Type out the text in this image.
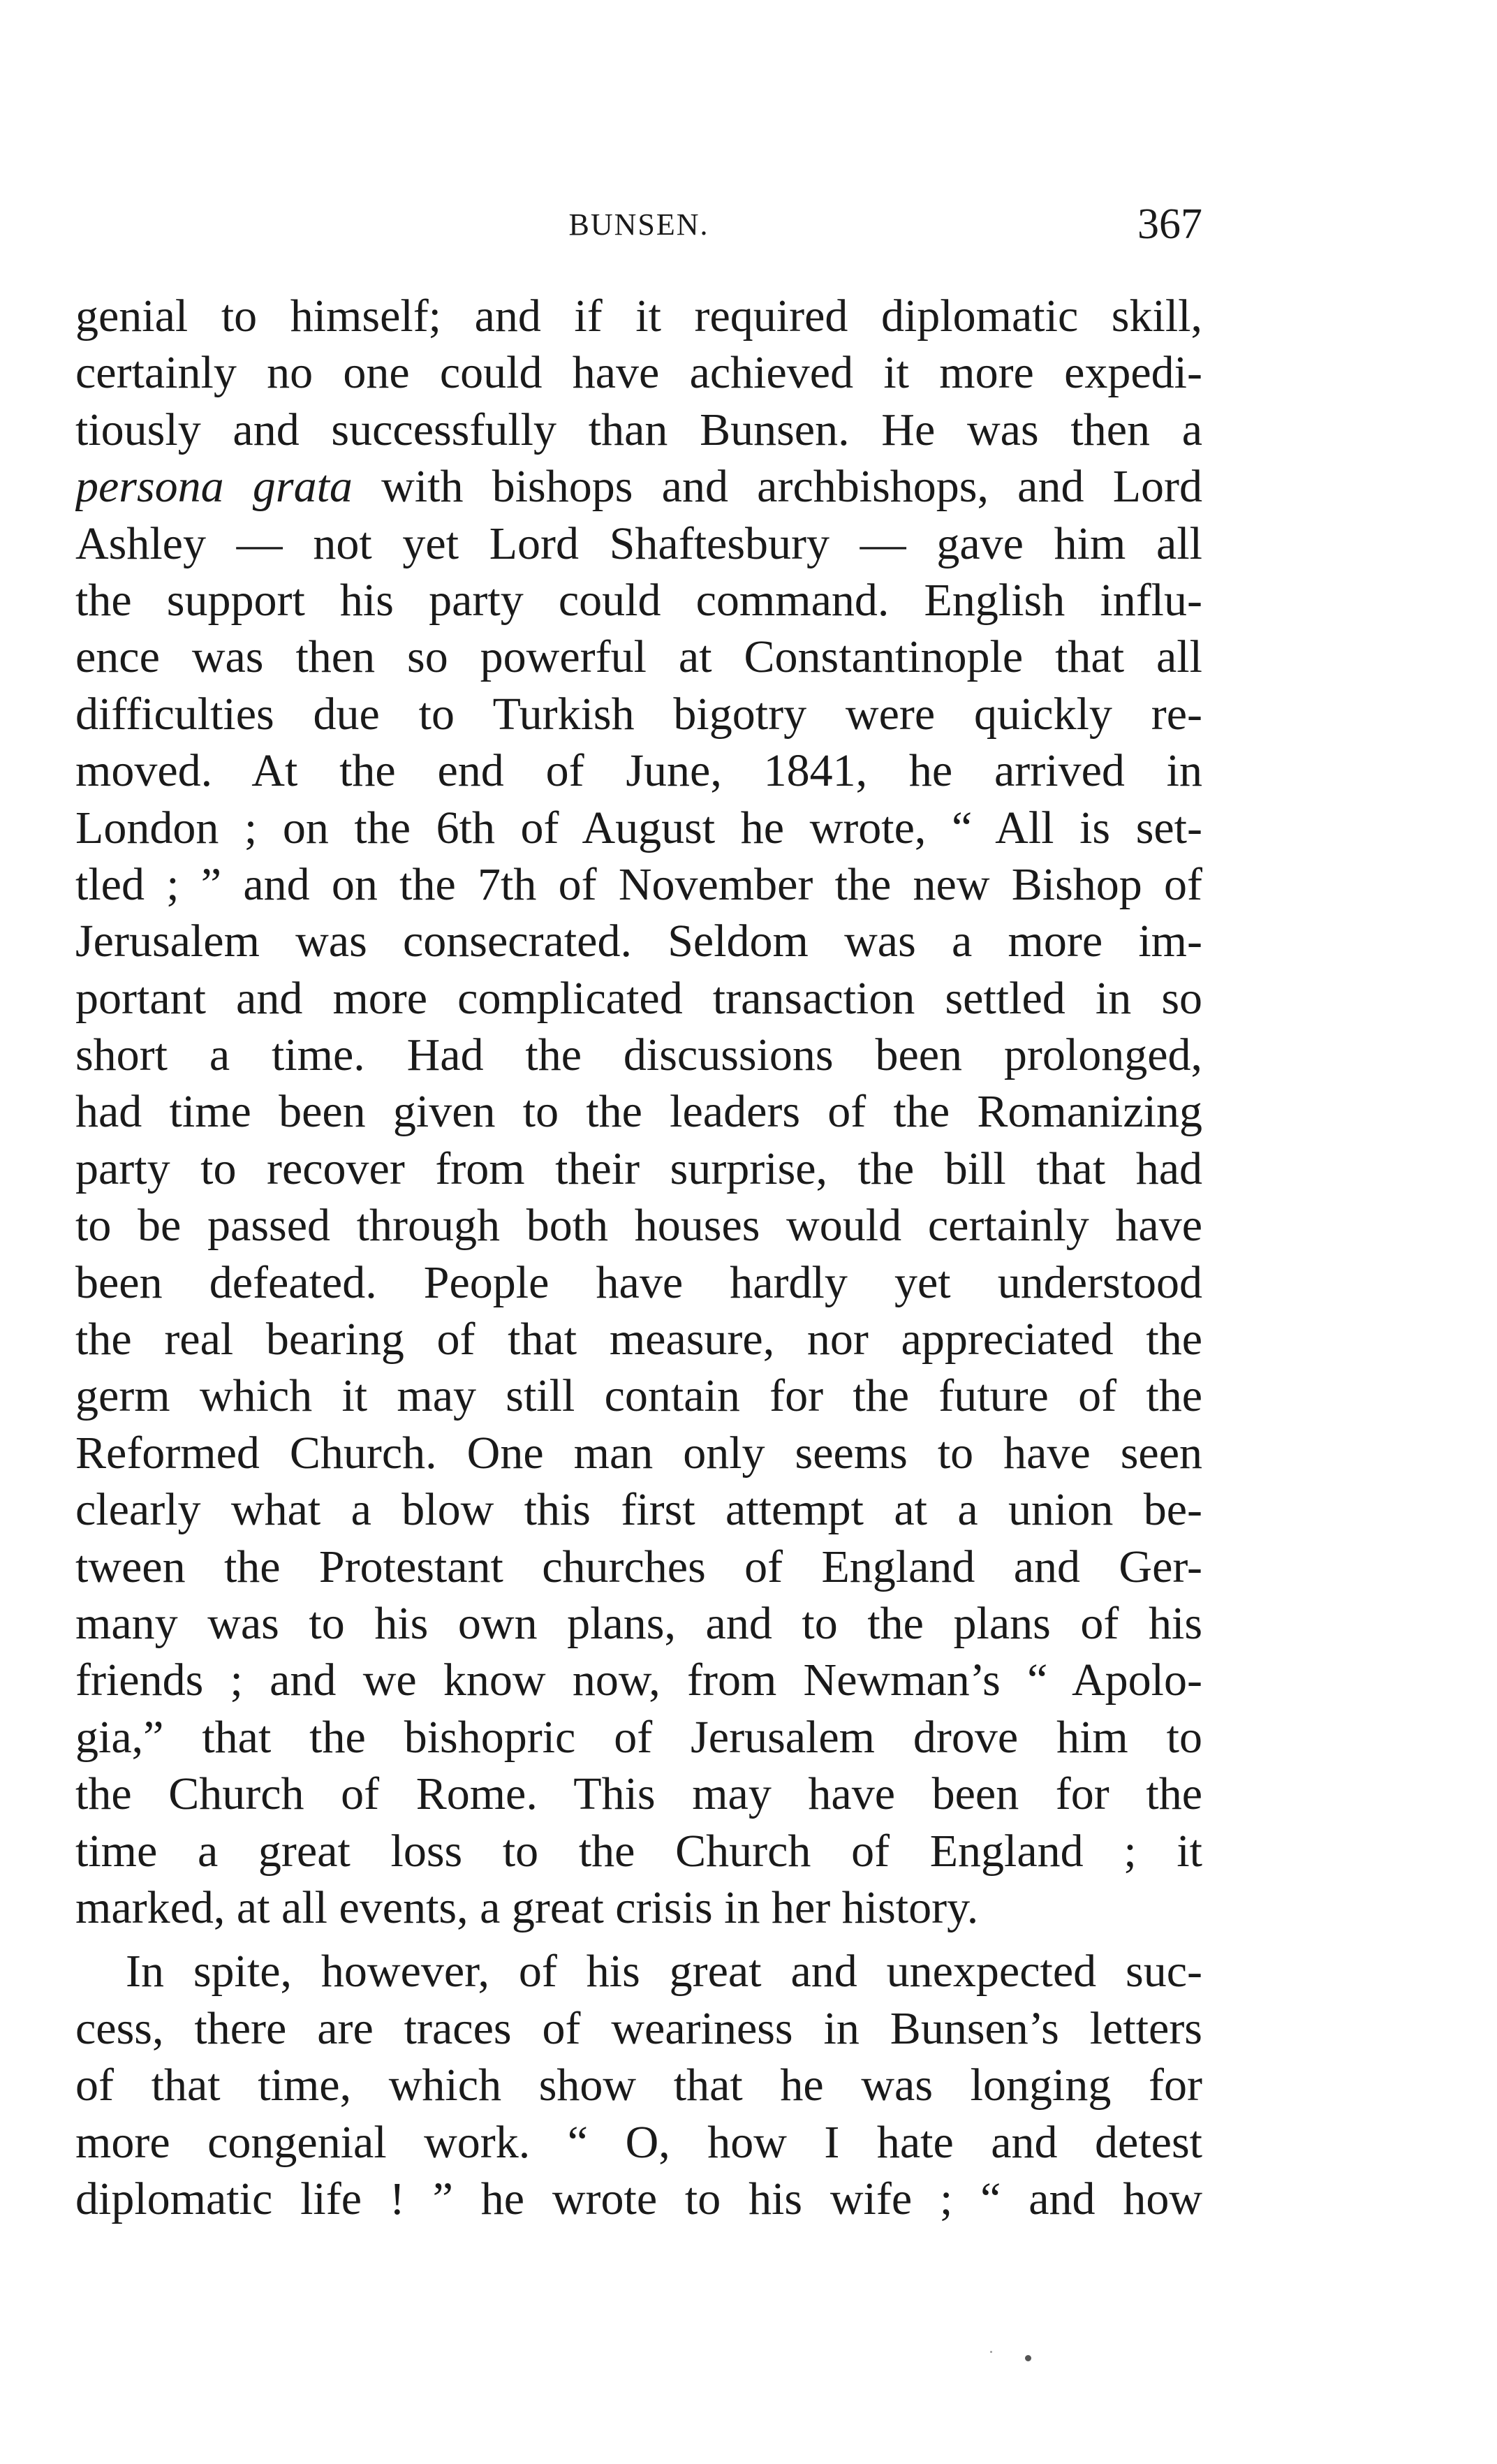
BUNSEN.	367
genial to himself; and if it required diplomatic skill,
certainly no one could have achieved it more expedi-
tiously and successfully than Bunsen. He was then a
persona grata with bishops and archbishops, and Lord
Ashley — not yet Lord Shaftesbury — gave him all
the support his party could command. English influ-
ence was then so powerful at Constantinople that all
difficulties due to Turkish bigotry were quickly re-
moved. At the end of June, 1841, he arrived in
London ; on the 6th of August he wrote, “ All is set-
tled ; ” and on the 7th of November the new Bishop of
Jerusalem was consecrated. Seldom was a more im-
portant and more complicated transaction settled in so
short a time. Had the discussions been prolonged,
had time been given to the leaders of the Romanizing
party to recover from their surprise, the bill that had
to be passed through both houses would certainly have
been defeated. People have hardly yet understood
the real bearing of that measure, nor appreciated the
germ which it may still contain for the future of the
Reformed Church. One man only seems to have seen
clearly what a blow this first attempt at a union be-
tween the Protestant churches of England and Ger-
many was to his own plans, and to the plans of his
friends ; and we know now, from Newman’s “ Apolo-
gia,” that the bishopric of Jerusalem drove him to
the Church of Rome. This may have been for the
time a great loss to the Church of England ; it
marked, at all events, a great crisis in her history.
In spite, however, of his great and unexpected suc-
cess, there are traces of weariness in Bunsen’s letters
of that time, which show that he was longing for
more congenial work. “ O, how I hate and detest
diplomatic life ! ” he wrote to his wife ; “ and how
